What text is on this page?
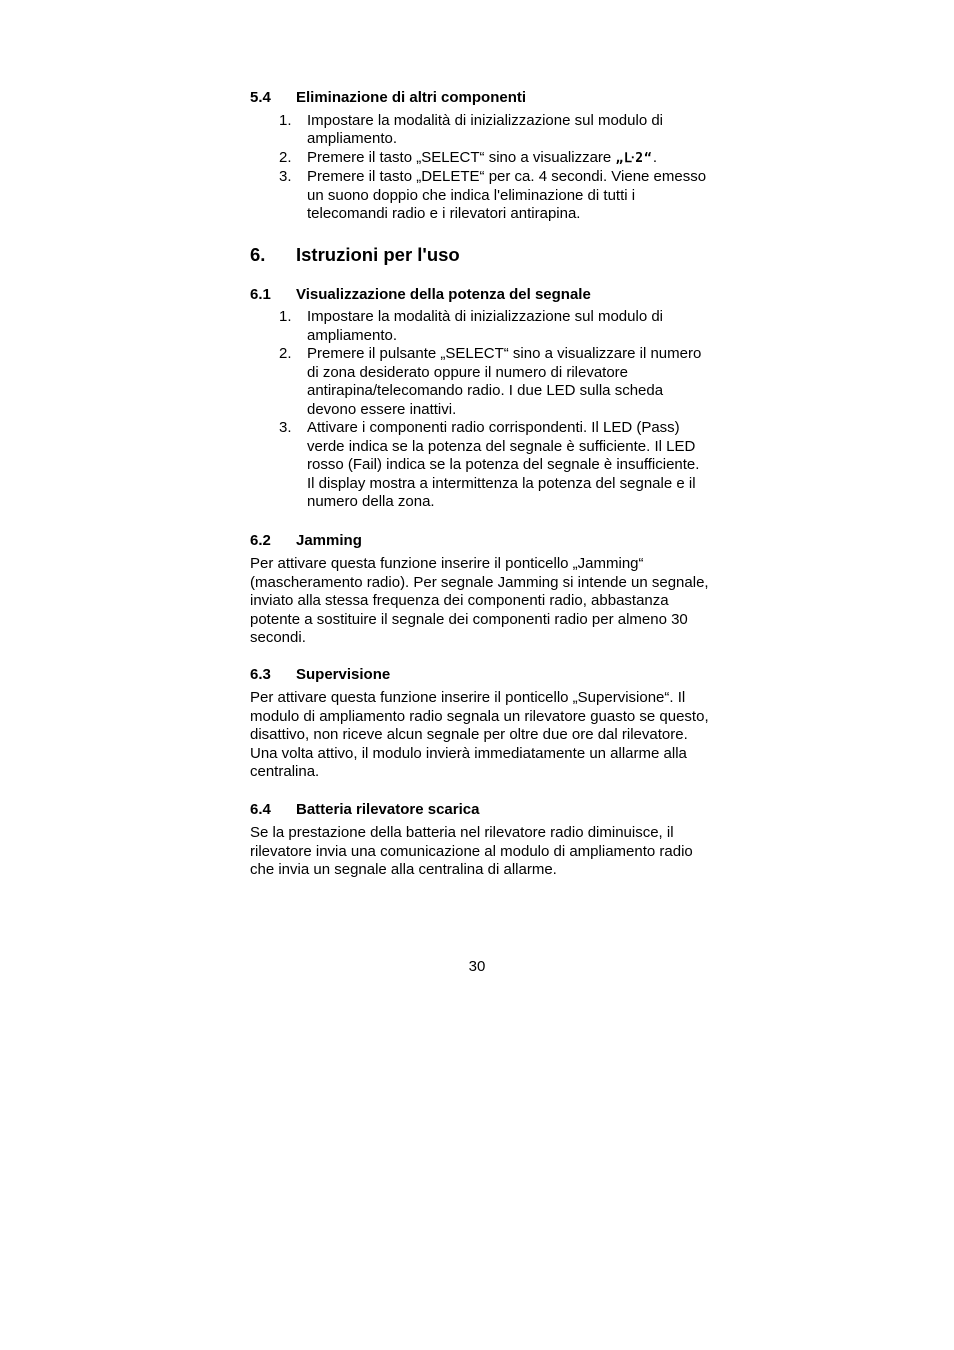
5.4	Eliminazione di altri componenti
1.	Impostare la modalità di inizializzazione sul modulo di ampliamento.
2.	Premere il tasto „SELECT“ sino a visualizzare „ᒷ2“.
3.	Premere il tasto „DELETE“ per ca. 4 secondi. Viene emesso un suono doppio che indica l'eliminazione di tutti i telecomandi radio e i rilevatori antirapina.
6.	Istruzioni per l'uso
6.1	Visualizzazione della potenza del segnale
1.	Impostare la modalità di inizializzazione sul modulo di ampliamento.
2.	Premere il pulsante „SELECT“ sino a visualizzare il numero di zona desiderato oppure il numero di rilevatore antirapina/telecomando radio. I due LED sulla scheda devono essere inattivi.
3.	Attivare i componenti radio corrispondenti. Il LED (Pass) verde indica se la potenza del segnale è sufficiente. Il LED rosso (Fail) indica se la potenza del segnale è insufficiente. Il display mostra a intermittenza la potenza del segnale e il numero della zona.
6.2	Jamming

Per attivare questa funzione inserire il ponticello „Jamming“ (mascheramento radio). Per segnale Jamming si intende un segnale, inviato alla stessa frequenza dei componenti radio, abbastanza potente a sostituire il segnale dei componenti radio per almeno 30 secondi.

6.3	Supervisione

Per attivare questa funzione inserire il ponticello „Supervisione“. Il modulo di ampliamento radio segnala un rilevatore guasto se questo, disattivo, non riceve alcun segnale per oltre due ore dal rilevatore. Una volta attivo, il modulo invierà immediatamente un allarme alla centralina.

6.4	Batteria rilevatore scarica

Se la prestazione della batteria nel rilevatore radio diminuisce, il rilevatore invia una comunicazione al modulo di ampliamento radio che invia un segnale alla centralina di allarme.

30
